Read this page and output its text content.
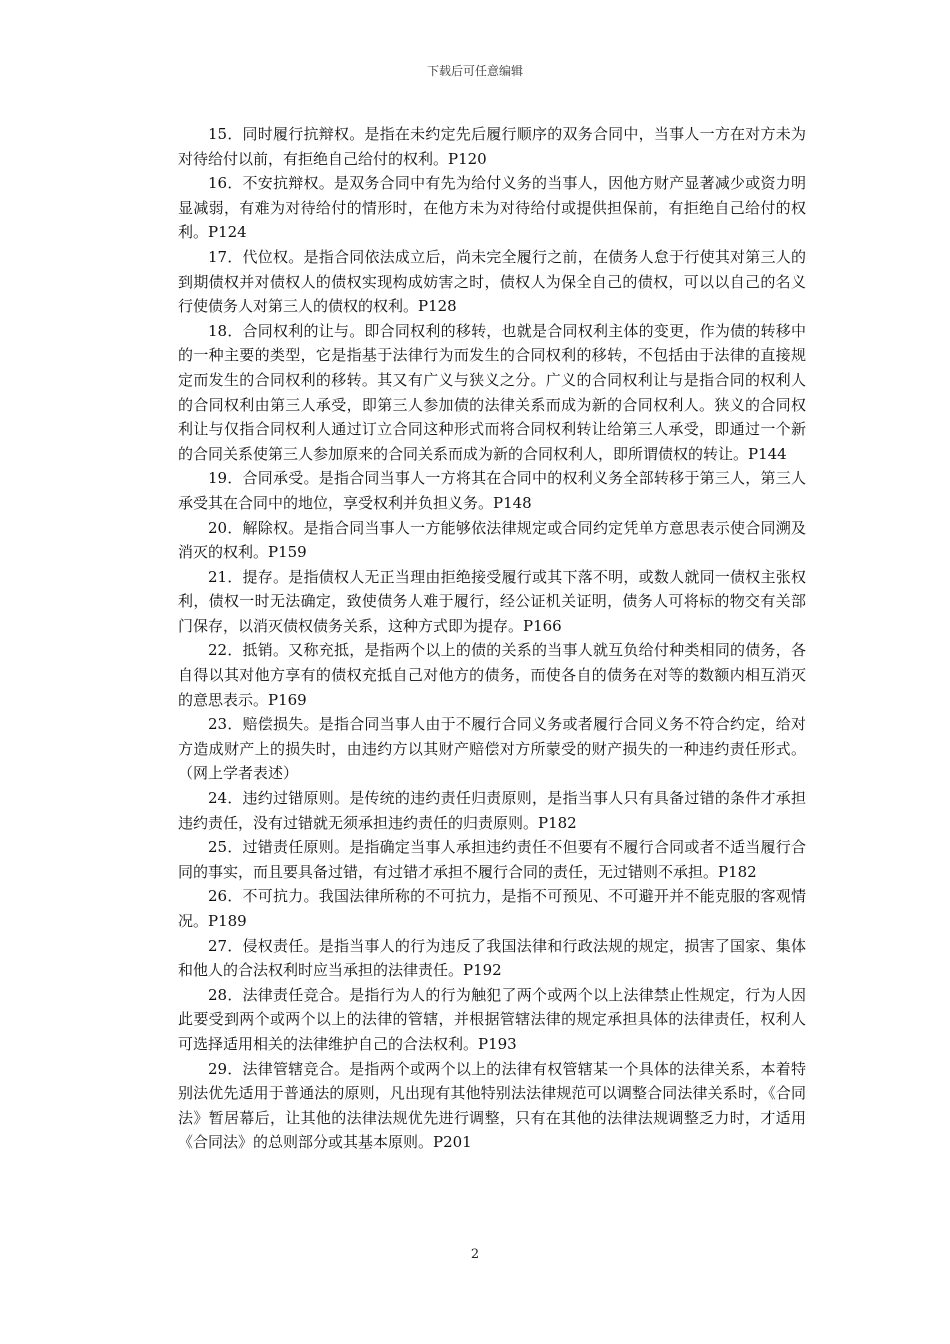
下载后可任意编辑

15．同时履行抗辩权。是指在未约定先后履行顺序的双务合同中，当事人一方在对方未为对待给付以前，有拒绝自己给付的权利。P120

16．不安抗辩权。是双务合同中有先为给付义务的当事人，因他方财产显著减少或资力明显减弱，有难为对待给付的情形时，在他方未为对待给付或提供担保前，有拒绝自己给付的权利。P124

17．代位权。是指合同依法成立后，尚未完全履行之前，在债务人怠于行使其对第三人的到期债权并对债权人的债权实现构成妨害之时，债权人为保全自己的债权，可以以自己的名义行使债务人对第三人的债权的权利。P128

18．合同权利的让与。即合同权利的移转，也就是合同权利主体的变更，作为债的转移中的一种主要的类型，它是指基于法律行为而发生的合同权利的移转，不包括由于法律的直接规定而发生的合同权利的移转。其又有广义与狭义之分。广义的合同权利让与是指合同的权利人的合同权利由第三人承受，即第三人参加债的法律关系而成为新的合同权利人。狭义的合同权利让与仅指合同权利人通过订立合同这种形式而将合同权利转让给第三人承受，即通过一个新的合同关系使第三人参加原来的合同关系而成为新的合同权利人，即所谓债权的转让。P144

19．合同承受。是指合同当事人一方将其在合同中的权利义务全部转移于第三人，第三人承受其在合同中的地位，享受权利并负担义务。P148

20．解除权。是指合同当事人一方能够依法律规定或合同约定凭单方意思表示使合同溯及消灭的权利。P159

21．提存。是指债权人无正当理由拒绝接受履行或其下落不明，或数人就同一债权主张权利，债权一时无法确定，致使债务人难于履行，经公证机关证明，债务人可将标的物交有关部门保存，以消灭债权债务关系，这种方式即为提存。P166

22．抵销。又称充抵，是指两个以上的债的关系的当事人就互负给付种类相同的债务，各自得以其对他方享有的债权充抵自己对他方的债务，而使各自的债务在对等的数额内相互消灭的意思表示。P169

23．赔偿损失。是指合同当事人由于不履行合同义务或者履行合同义务不符合约定，给对方造成财产上的损失时，由违约方以其财产赔偿对方所蒙受的财产损失的一种违约责任形式。（网上学者表述）

24．违约过错原则。是传统的违约责任归责原则，是指当事人只有具备过错的条件才承担违约责任，没有过错就无须承担违约责任的归责原则。P182

25．过错责任原则。是指确定当事人承担违约责任不但要有不履行合同或者不适当履行合同的事实，而且要具备过错，有过错才承担不履行合同的责任，无过错则不承担。P182

26．不可抗力。我国法律所称的不可抗力，是指不可预见、不可避开并不能克服的客观情况。P189

27．侵权责任。是指当事人的行为违反了我国法律和行政法规的规定，损害了国家、集体和他人的合法权利时应当承担的法律责任。P192

28．法律责任竞合。是指行为人的行为触犯了两个或两个以上法律禁止性规定，行为人因此要受到两个或两个以上的法律的管辖，并根据管辖法律的规定承担具体的法律责任，权利人可选择适用相关的法律维护自己的合法权利。P193

29．法律管辖竞合。是指两个或两个以上的法律有权管辖某一个具体的法律关系，本着特别法优先适用于普通法的原则，凡出现有其他特别法法律规范可以调整合同法律关系时，《合同法》暂居幕后，让其他的法律法规优先进行调整，只有在其他的法律法规调整乏力时，才适用《合同法》的总则部分或其基本原则。P201

2
